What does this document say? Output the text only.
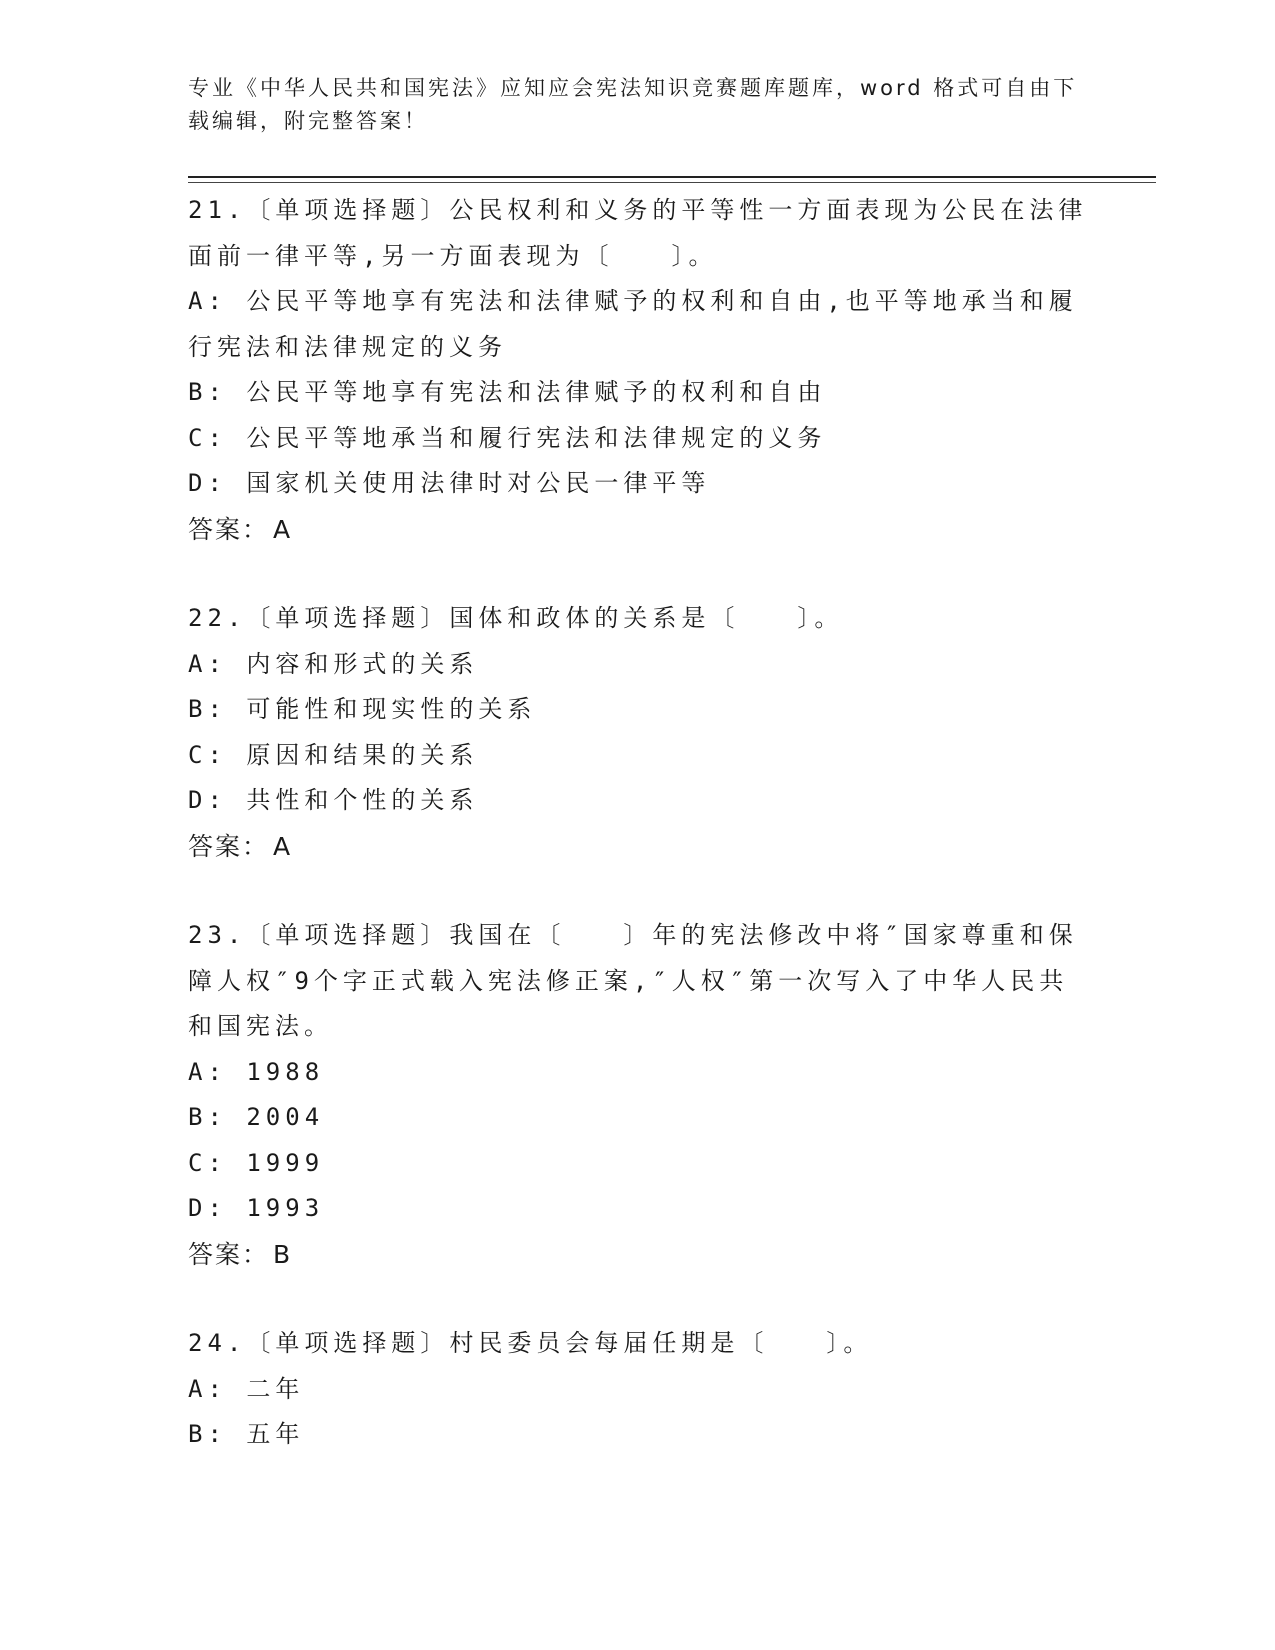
专业《中华人民共和国宪法》应知应会宪法知识竞赛题库题库，word 格式可自由下载编辑，附完整答案！
21.〔单项选择题〕公民权利和义务的平等性一方面表现为公民在法律面前一律平等,另一方面表现为〔　　〕。
A: 公民平等地享有宪法和法律赋予的权利和自由,也平等地承当和履行宪法和法律规定的义务
B: 公民平等地享有宪法和法律赋予的权利和自由
C: 公民平等地承当和履行宪法和法律规定的义务
D: 国家机关使用法律时对公民一律平等
答案： A
22.〔单项选择题〕国体和政体的关系是〔　　〕。
A: 内容和形式的关系
B: 可能性和现实性的关系
C: 原因和结果的关系
D: 共性和个性的关系
答案： A
23.〔单项选择题〕我国在〔　　〕年的宪法修改中将″国家尊重和保障人权″9个字正式载入宪法修正案,″人权″第一次写入了中华人民共和国宪法。
A: 1988
B: 2004
C: 1999
D: 1993
答案： B
24.〔单项选择题〕村民委员会每届任期是〔　　〕。
A: 二年
B: 五年
